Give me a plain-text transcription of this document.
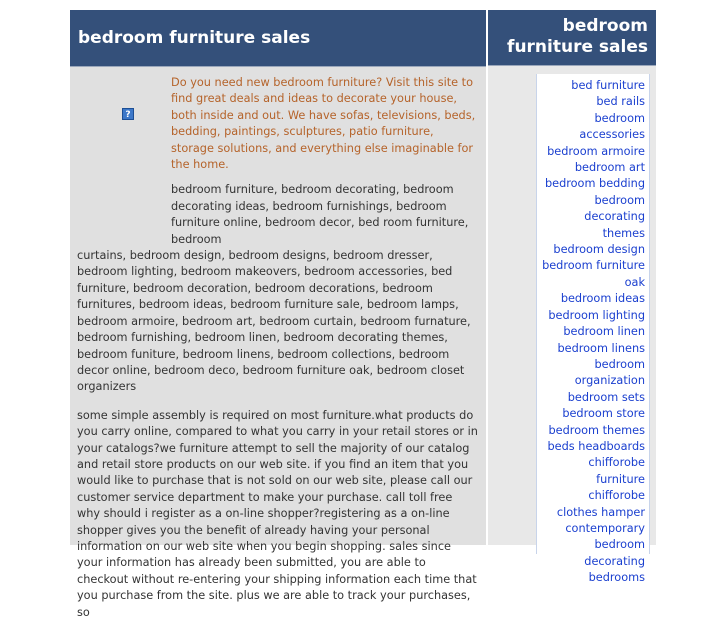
bedroom furniture sales
?
Do you need new bedroom furniture? Visit this site to find great deals and ideas to decorate your house, both inside and out. We have sofas, televisions, beds, bedding, paintings, sculptures, patio furniture, storage solutions, and everything else imaginable for the home.
bedroom furniture, bedroom decorating, bedroom decorating ideas, bedroom furnishings, bedroom furniture online, bedroom decor, bed room furniture, bedroom
curtains, bedroom design, bedroom designs, bedroom dresser, bedroom lighting, bedroom makeovers, bedroom accessories, bed furniture, bedroom decoration, bedroom decorations, bedroom furnitures, bedroom ideas, bedroom furniture sale, bedroom lamps, bedroom armoire, bedroom art, bedroom curtain, bedroom furnature, bedroom furnishing, bedroom linen, bedroom decorating themes, bedroom funiture, bedroom linens, bedroom collections, bedroom decor online, bedroom deco, bedroom furniture oak, bedroom closet organizers
some simple assembly is required on most furniture.what products do you carry online, compared to what you carry in your retail stores or in your catalogs?we furniture attempt to sell the majority of our catalog and retail store products on our web site. if you find an item that you would like to purchase that is not sold on our web site, please call our customer service department to make your purchase. call toll free why should i register as a on-line shopper?registering as a on-line shopper gives you the benefit of already having your personal information on our web site when you begin shopping. sales since your information has already been submitted, you are able to checkout without re-entering your shipping information each time that you purchase from the site. plus we are able to track your purchases, so
bedroom furniture sales
bed furniture
bed rails
bedroom accessories
bedroom armoire
bedroom art
bedroom bedding
bedroom decorating themes
bedroom design
bedroom furniture oak
bedroom ideas
bedroom lighting
bedroom linen
bedroom linens
bedroom organization
bedroom sets
bedroom store
bedroom themes
beds headboards
chifforobe furniture
chifforobe
clothes hamper
contemporary bedroom decorating
bedrooms
